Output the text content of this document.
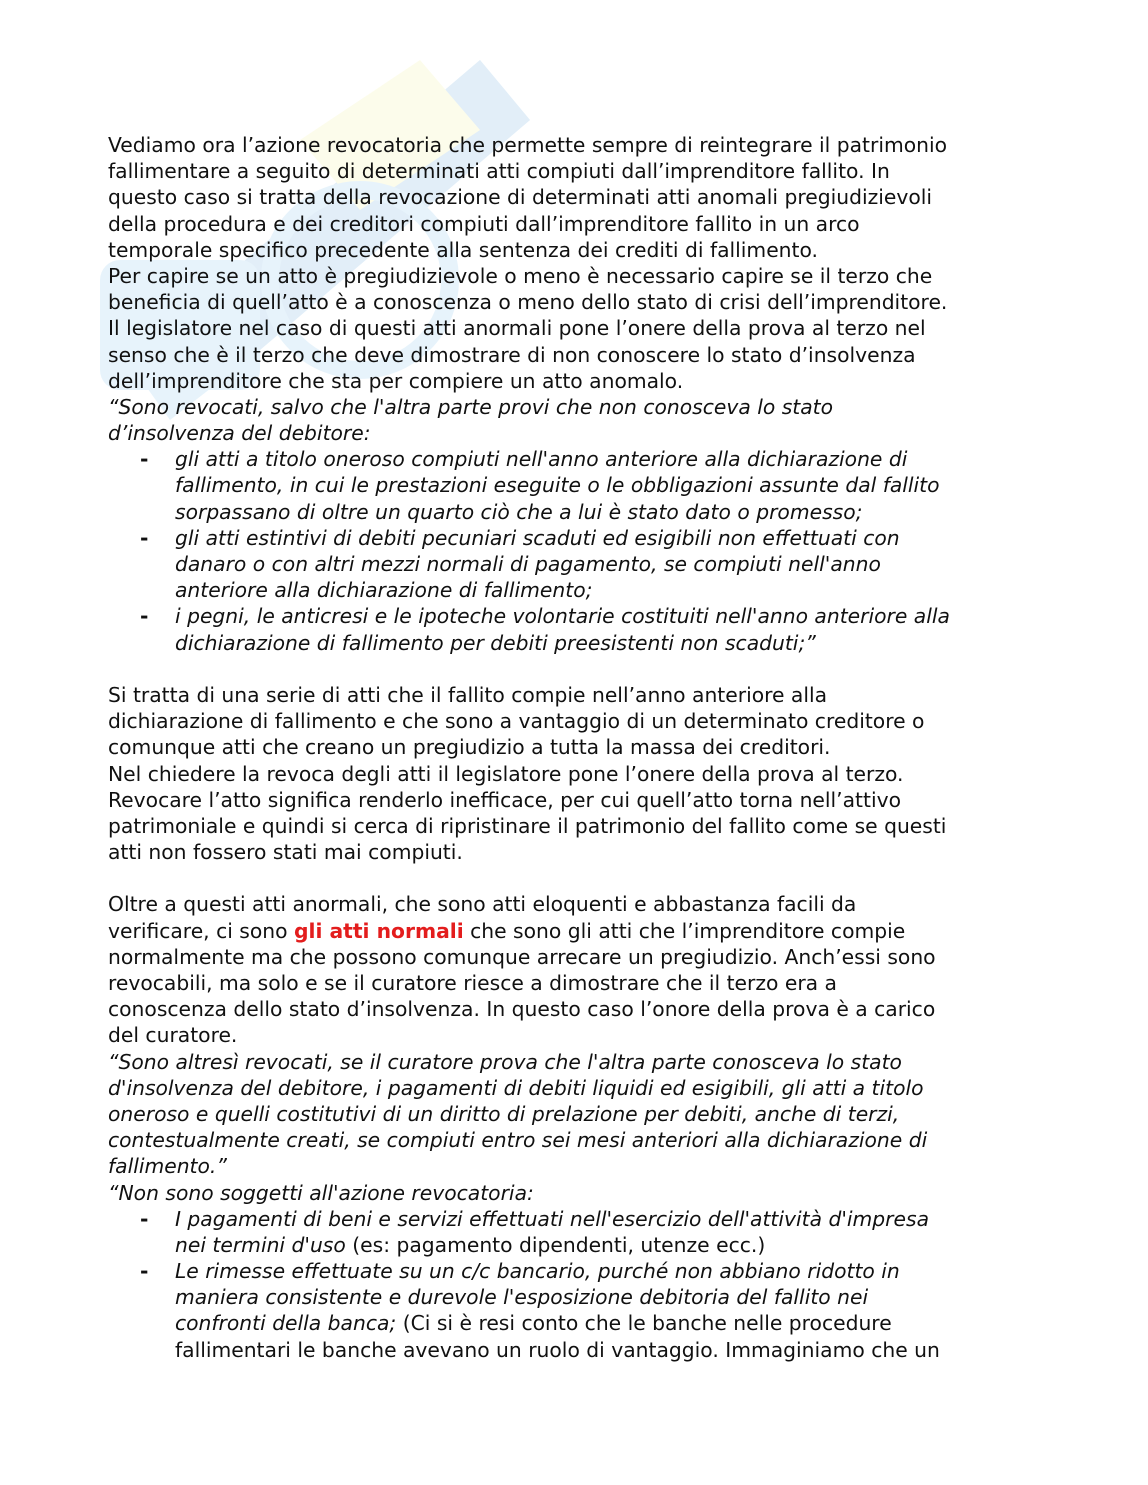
Vediamo ora l’azione revocatoria che permette sempre di reintegrare il patrimonio
fallimentare a seguito di determinati atti compiuti dall’imprenditore fallito. In
questo caso si tratta della revocazione di determinati atti anomali pregiudizievoli
della procedura e dei creditori compiuti dall’imprenditore fallito in un arco
temporale specifico precedente alla sentenza dei crediti di fallimento.
Per capire se un atto è pregiudizievole o meno è necessario capire se il terzo che
beneficia di quell’atto è a conoscenza o meno dello stato di crisi dell’imprenditore.
Il legislatore nel caso di questi atti anormali pone l’onere della prova al terzo nel
senso che è il terzo che deve dimostrare di non conoscere lo stato d’insolvenza
dell’imprenditore che sta per compiere un atto anomalo.
“Sono revocati, salvo che l'altra parte provi che non conosceva lo stato
d’insolvenza del debitore:
- gli atti a titolo oneroso compiuti nell'anno anteriore alla dichiarazione di
fallimento, in cui le prestazioni eseguite o le obbligazioni assunte dal fallito
sorpassano di oltre un quarto ciò che a lui è stato dato o promesso;
- gli atti estintivi di debiti pecuniari scaduti ed esigibili non effettuati con
danaro o con altri mezzi normali di pagamento, se compiuti nell'anno
anteriore alla dichiarazione di fallimento;
- i pegni, le anticresi e le ipoteche volontarie costituiti nell'anno anteriore alla
dichiarazione di fallimento per debiti preesistenti non scaduti;”
Si tratta di una serie di atti che il fallito compie nell’anno anteriore alla
dichiarazione di fallimento e che sono a vantaggio di un determinato creditore o
comunque atti che creano un pregiudizio a tutta la massa dei creditori.
Nel chiedere la revoca degli atti il legislatore pone l’onere della prova al terzo.
Revocare l’atto significa renderlo inefficace, per cui quell’atto torna nell’attivo
patrimoniale e quindi si cerca di ripristinare il patrimonio del fallito come se questi
atti non fossero stati mai compiuti.
Oltre a questi atti anormali, che sono atti eloquenti e abbastanza facili da
verificare, ci sono gli atti normali che sono gli atti che l’imprenditore compie
normalmente ma che possono comunque arrecare un pregiudizio. Anch’essi sono
revocabili, ma solo e se il curatore riesce a dimostrare che il terzo era a
conoscenza dello stato d’insolvenza. In questo caso l’onore della prova è a carico
del curatore.
“Sono altresì revocati, se il curatore prova che l'altra parte conosceva lo stato
d'insolvenza del debitore, i pagamenti di debiti liquidi ed esigibili, gli atti a titolo
oneroso e quelli costitutivi di un diritto di prelazione per debiti, anche di terzi,
contestualmente creati, se compiuti entro sei mesi anteriori alla dichiarazione di
fallimento.”
“Non sono soggetti all'azione revocatoria:
- I pagamenti di beni e servizi effettuati nell'esercizio dell'attività d'impresa
nei termini d'uso (es: pagamento dipendenti, utenze ecc.)
- Le rimesse effettuate su un c/c bancario, purché non abbiano ridotto in
maniera consistente e durevole l'esposizione debitoria del fallito nei
confronti della banca; (Ci si è resi conto che le banche nelle procedure
fallimentari le banche avevano un ruolo di vantaggio. Immaginiamo che un
